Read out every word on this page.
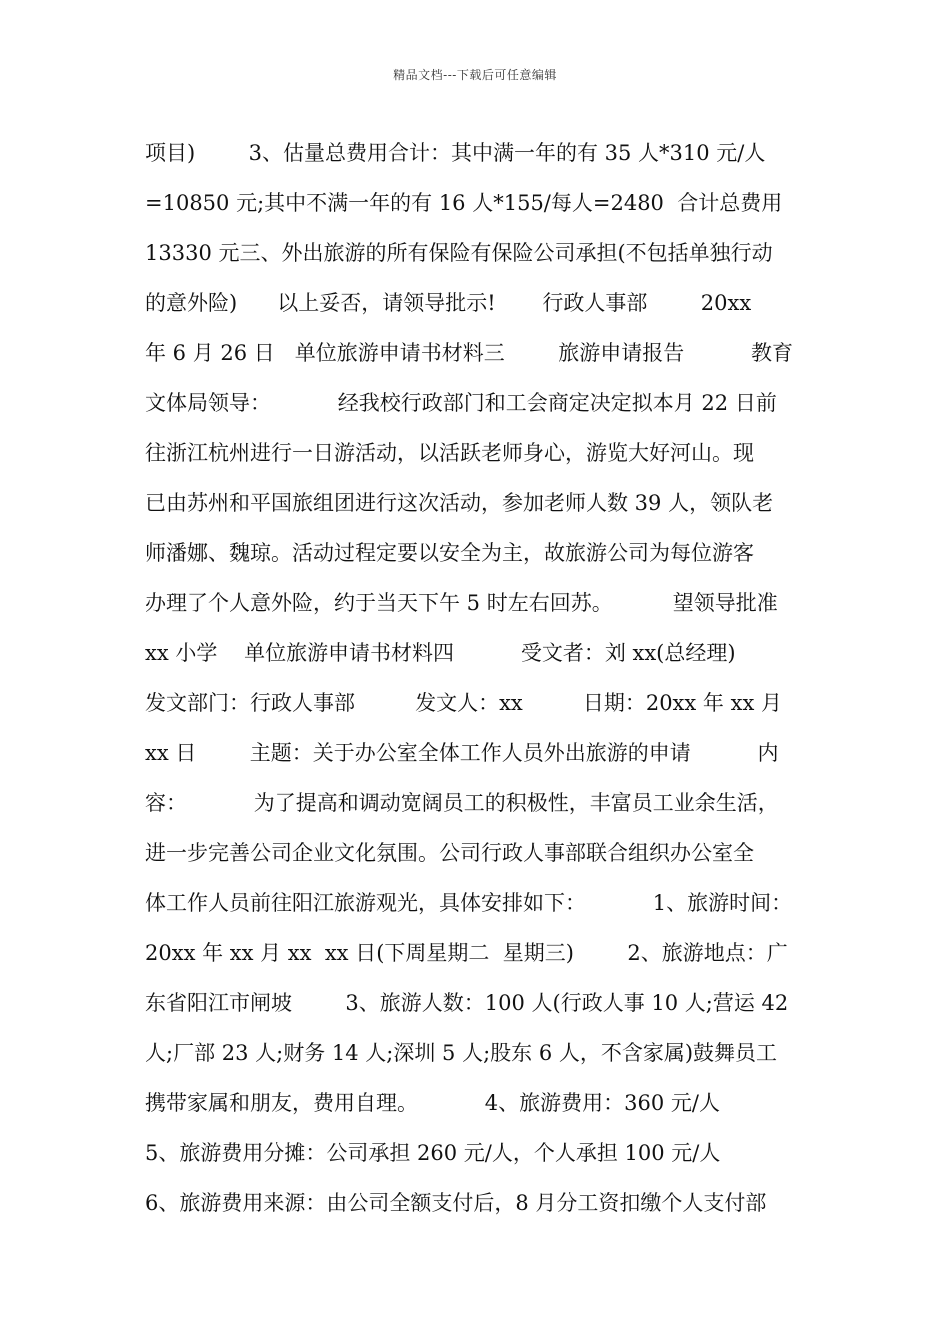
精品文档---下载后可任意编辑
项目)        3、估量总费用合计：其中满一年的有 35 人*310 元/人
=10850 元;其中不满一年的有 16 人*155/每人=2480  合计总费用
13330 元三、外出旅游的所有保险有保险公司承担(不包括单独行动
的意外险)      以上妥否，请领导批示!       行政人事部        20xx
年 6 月 26 日   单位旅游申请书材料三        旅游申请报告          教育
文体局领导：          经我校行政部门和工会商定决定拟本月 22 日前
往浙江杭州进行一日游活动，以活跃老师身心，游览大好河山。现
已由苏州和平国旅组团进行这次活动，参加老师人数 39 人，领队老
师潘娜、魏琼。活动过程定要以安全为主，故旅游公司为每位游客
办理了个人意外险，约于当天下午 5 时左右回苏。         望领导批准
xx 小学    单位旅游申请书材料四          受文者：刘 xx(总经理)
发文部门：行政人事部         发文人：xx         日期：20xx 年 xx 月
xx 日        主题：关于办公室全体工作人员外出旅游的申请          内
容：          为了提高和调动宽阔员工的积极性，丰富员工业余生活，
进一步完善公司企业文化氛围。公司行政人事部联合组织办公室全
体工作人员前往阳江旅游观光，具体安排如下：          1、旅游时间：
20xx 年 xx 月 xx  xx 日(下周星期二  星期三)        2、旅游地点：广
东省阳江市闸坡        3、旅游人数：100 人(行政人事 10 人;营运 42
人;厂部 23 人;财务 14 人;深圳 5 人;股东 6 人，不含家属)鼓舞员工
携带家属和朋友，费用自理。          4、旅游费用：360 元/人
5、旅游费用分摊：公司承担 260 元/人，个人承担 100 元/人
6、旅游费用来源：由公司全额支付后，8 月分工资扣缴个人支付部
